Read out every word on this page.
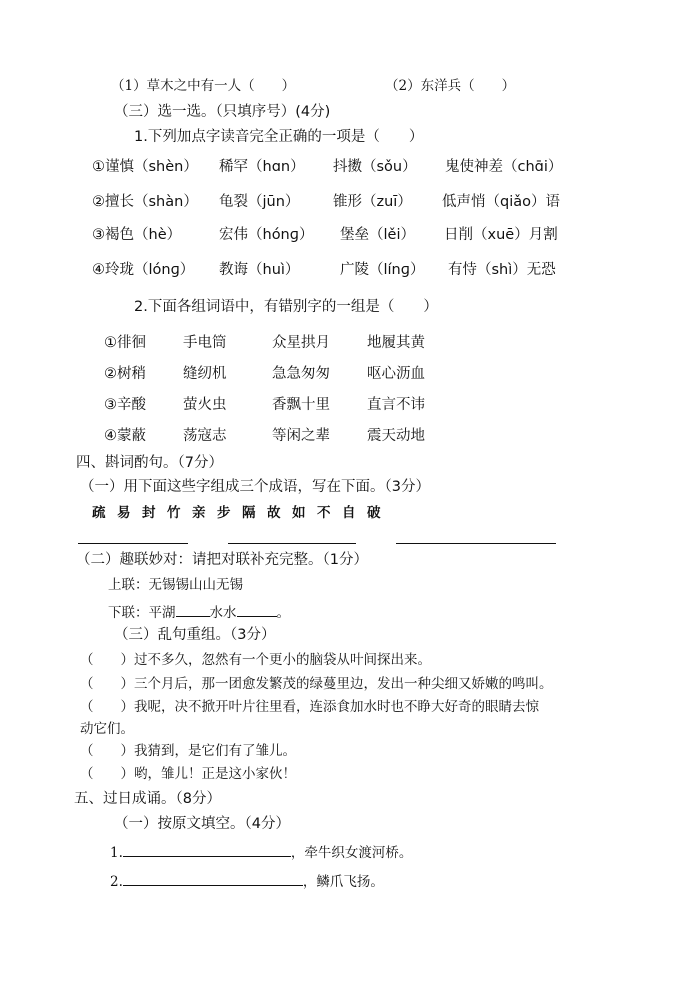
（1）草木之中有一人（　　）	（2）东洋兵（　　）
（三）选一选。（只填序号）(4分)
1.下列加点字读音完全正确的一项是（　　）
①谨慎（shèn） 稀罕（hɑn） 抖擞（sǒu） 鬼使神差（chɑ̄i）
②擅长（shàn） 龟裂（jūn） 锥形（zuī） 低声悄（qiǎo）语
③褐色（hè）	宏伟（hónɡ） 堡垒（lěi） 日削（xuē）月割
④玲珑（lónɡ） 教诲（huì）	广陵（línɡ） 有恃（shì）无恐
2.下面各组词语中，有错别字的一组是（　　）
①徘徊	手电筒	众星拱月	地履其黄
②树稍	缝纫机	急急匆匆	呕心沥血
③辛酸	萤火虫	香飘十里	直言不讳
④蒙蔽	荡寇志	等闲之辈	震天动地
四、斟词酌句。（7分）
（一）用下面这些字组成三个成语，写在下面。（3分）
疏 易 封 竹 亲 步 隔 故 如 不 自 破
（二）趣联妙对：请把对联补充完整。（1分）
上联：无锡锡山山无锡
下联：平湖	水水	。
（三）乱句重组。（3分）
（　　）过不多久，忽然有一个更小的脑袋从叶间探出来。
（　　）三个月后，那一团愈发繁茂的绿蔓里边，发出一种尖细又娇嫩的鸣叫。
（　　）我呢，决不掀开叶片往里看，连添食加水时也不睁大好奇的眼睛去惊
动它们。
（　　）我猜到，是它们有了雏儿。
（　　）哟，雏儿！正是这小家伙！
五、过日成诵。（8分）
（一）按原文填空。（4分）
1.	，牵牛织女渡河桥。
2.	，鳞爪飞扬。
